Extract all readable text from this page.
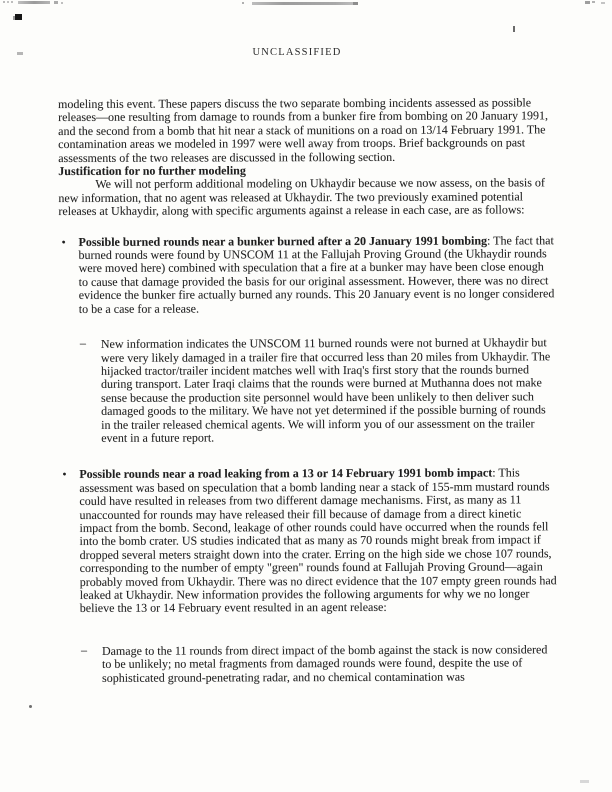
UNCLASSIFIED

modeling this event. These papers discuss the two separate bombing incidents assessed as possible releases—one resulting from damage to rounds from a bunker fire from bombing on 20 January 1991, and the second from a bomb that hit near a stack of munitions on a road on 13/14 February 1991. The contamination areas we modeled in 1997 were well away from troops. Brief backgrounds on past assessments of the two releases are discussed in the following section.

Justification for no further modeling

We will not perform additional modeling on Ukhaydir because we now assess, on the basis of new information, that no agent was released at Ukhaydir. The two previously examined potential releases at Ukhaydir, along with specific arguments against a release in each case, are as follows:

• Possible burned rounds near a bunker burned after a 20 January 1991 bombing: The fact that burned rounds were found by UNSCOM 11 at the Fallujah Proving Ground (the Ukhaydir rounds were moved here) combined with speculation that a fire at a bunker may have been close enough to cause that damage provided the basis for our original assessment. However, there was no direct evidence the bunker fire actually burned any rounds. This 20 January event is no longer considered to be a case for a release.

– New information indicates the UNSCOM 11 burned rounds were not burned at Ukhaydir but were very likely damaged in a trailer fire that occurred less than 20 miles from Ukhaydir. The hijacked tractor/trailer incident matches well with Iraq's first story that the rounds burned during transport. Later Iraqi claims that the rounds were burned at Muthanna does not make sense because the production site personnel would have been unlikely to then deliver such damaged goods to the military. We have not yet determined if the possible burning of rounds in the trailer released chemical agents. We will inform you of our assessment on the trailer event in a future report.

• Possible rounds near a road leaking from a 13 or 14 February 1991 bomb impact: This assessment was based on speculation that a bomb landing near a stack of 155-mm mustard rounds could have resulted in releases from two different damage mechanisms. First, as many as 11 unaccounted for rounds may have released their fill because of damage from a direct kinetic impact from the bomb. Second, leakage of other rounds could have occurred when the rounds fell into the bomb crater. US studies indicated that as many as 70 rounds might break from impact if dropped several meters straight down into the crater. Erring on the high side we chose 107 rounds, corresponding to the number of empty "green" rounds found at Fallujah Proving Ground—again probably moved from Ukhaydir. There was no direct evidence that the 107 empty green rounds had leaked at Ukhaydir. New information provides the following arguments for why we no longer believe the 13 or 14 February event resulted in an agent release:

– Damage to the 11 rounds from direct impact of the bomb against the stack is now considered to be unlikely; no metal fragments from damaged rounds were found, despite the use of sophisticated ground-penetrating radar, and no chemical contamination was
